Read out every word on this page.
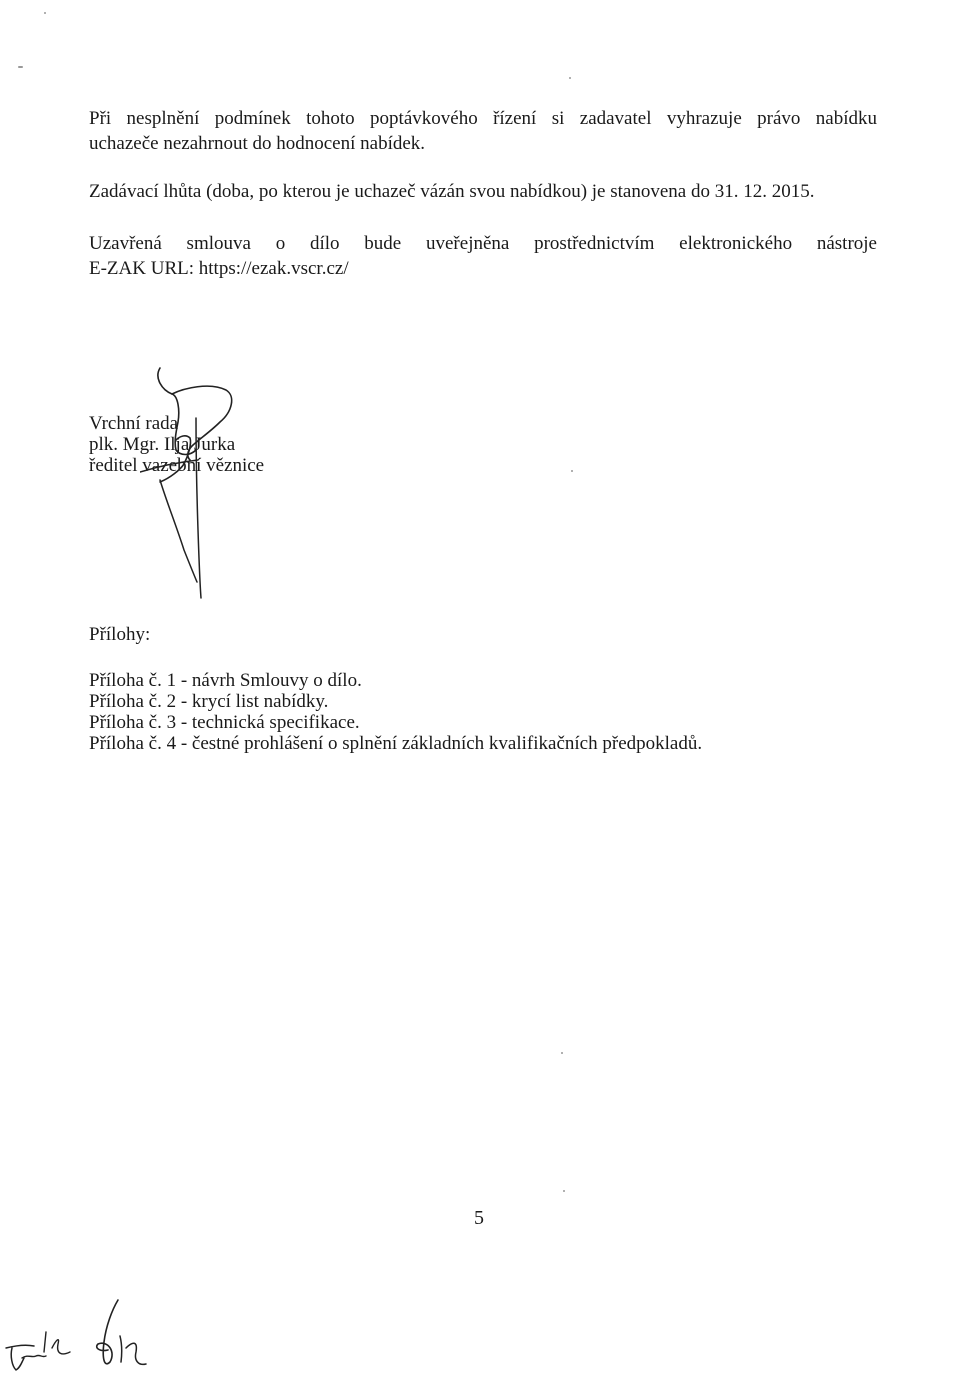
Při nesplnění podmínek tohoto poptávkového řízení si zadavatel vyhrazuje právo nabídku
uchazeče nezahrnout do hodnocení nabídek.
Zadávací lhůta (doba, po kterou je uchazeč vázán svou nabídkou) je stanovena do 31. 12. 2015.
Uzavřená smlouva o dílo bude uveřejněna prostřednictvím elektronického nástroje
E-ZAK URL: https://ezak.vscr.cz/
Vrchní rada
plk. Mgr. Ilja Jurka
ředitel vazební věznice
Přílohy:
Příloha č. 1 - návrh Smlouvy o dílo.
Příloha č. 2 - krycí list nabídky.
Příloha č. 3 - technická specifikace.
Příloha č. 4 - čestné prohlášení o splnění základních kvalifikačních předpokladů.
5
